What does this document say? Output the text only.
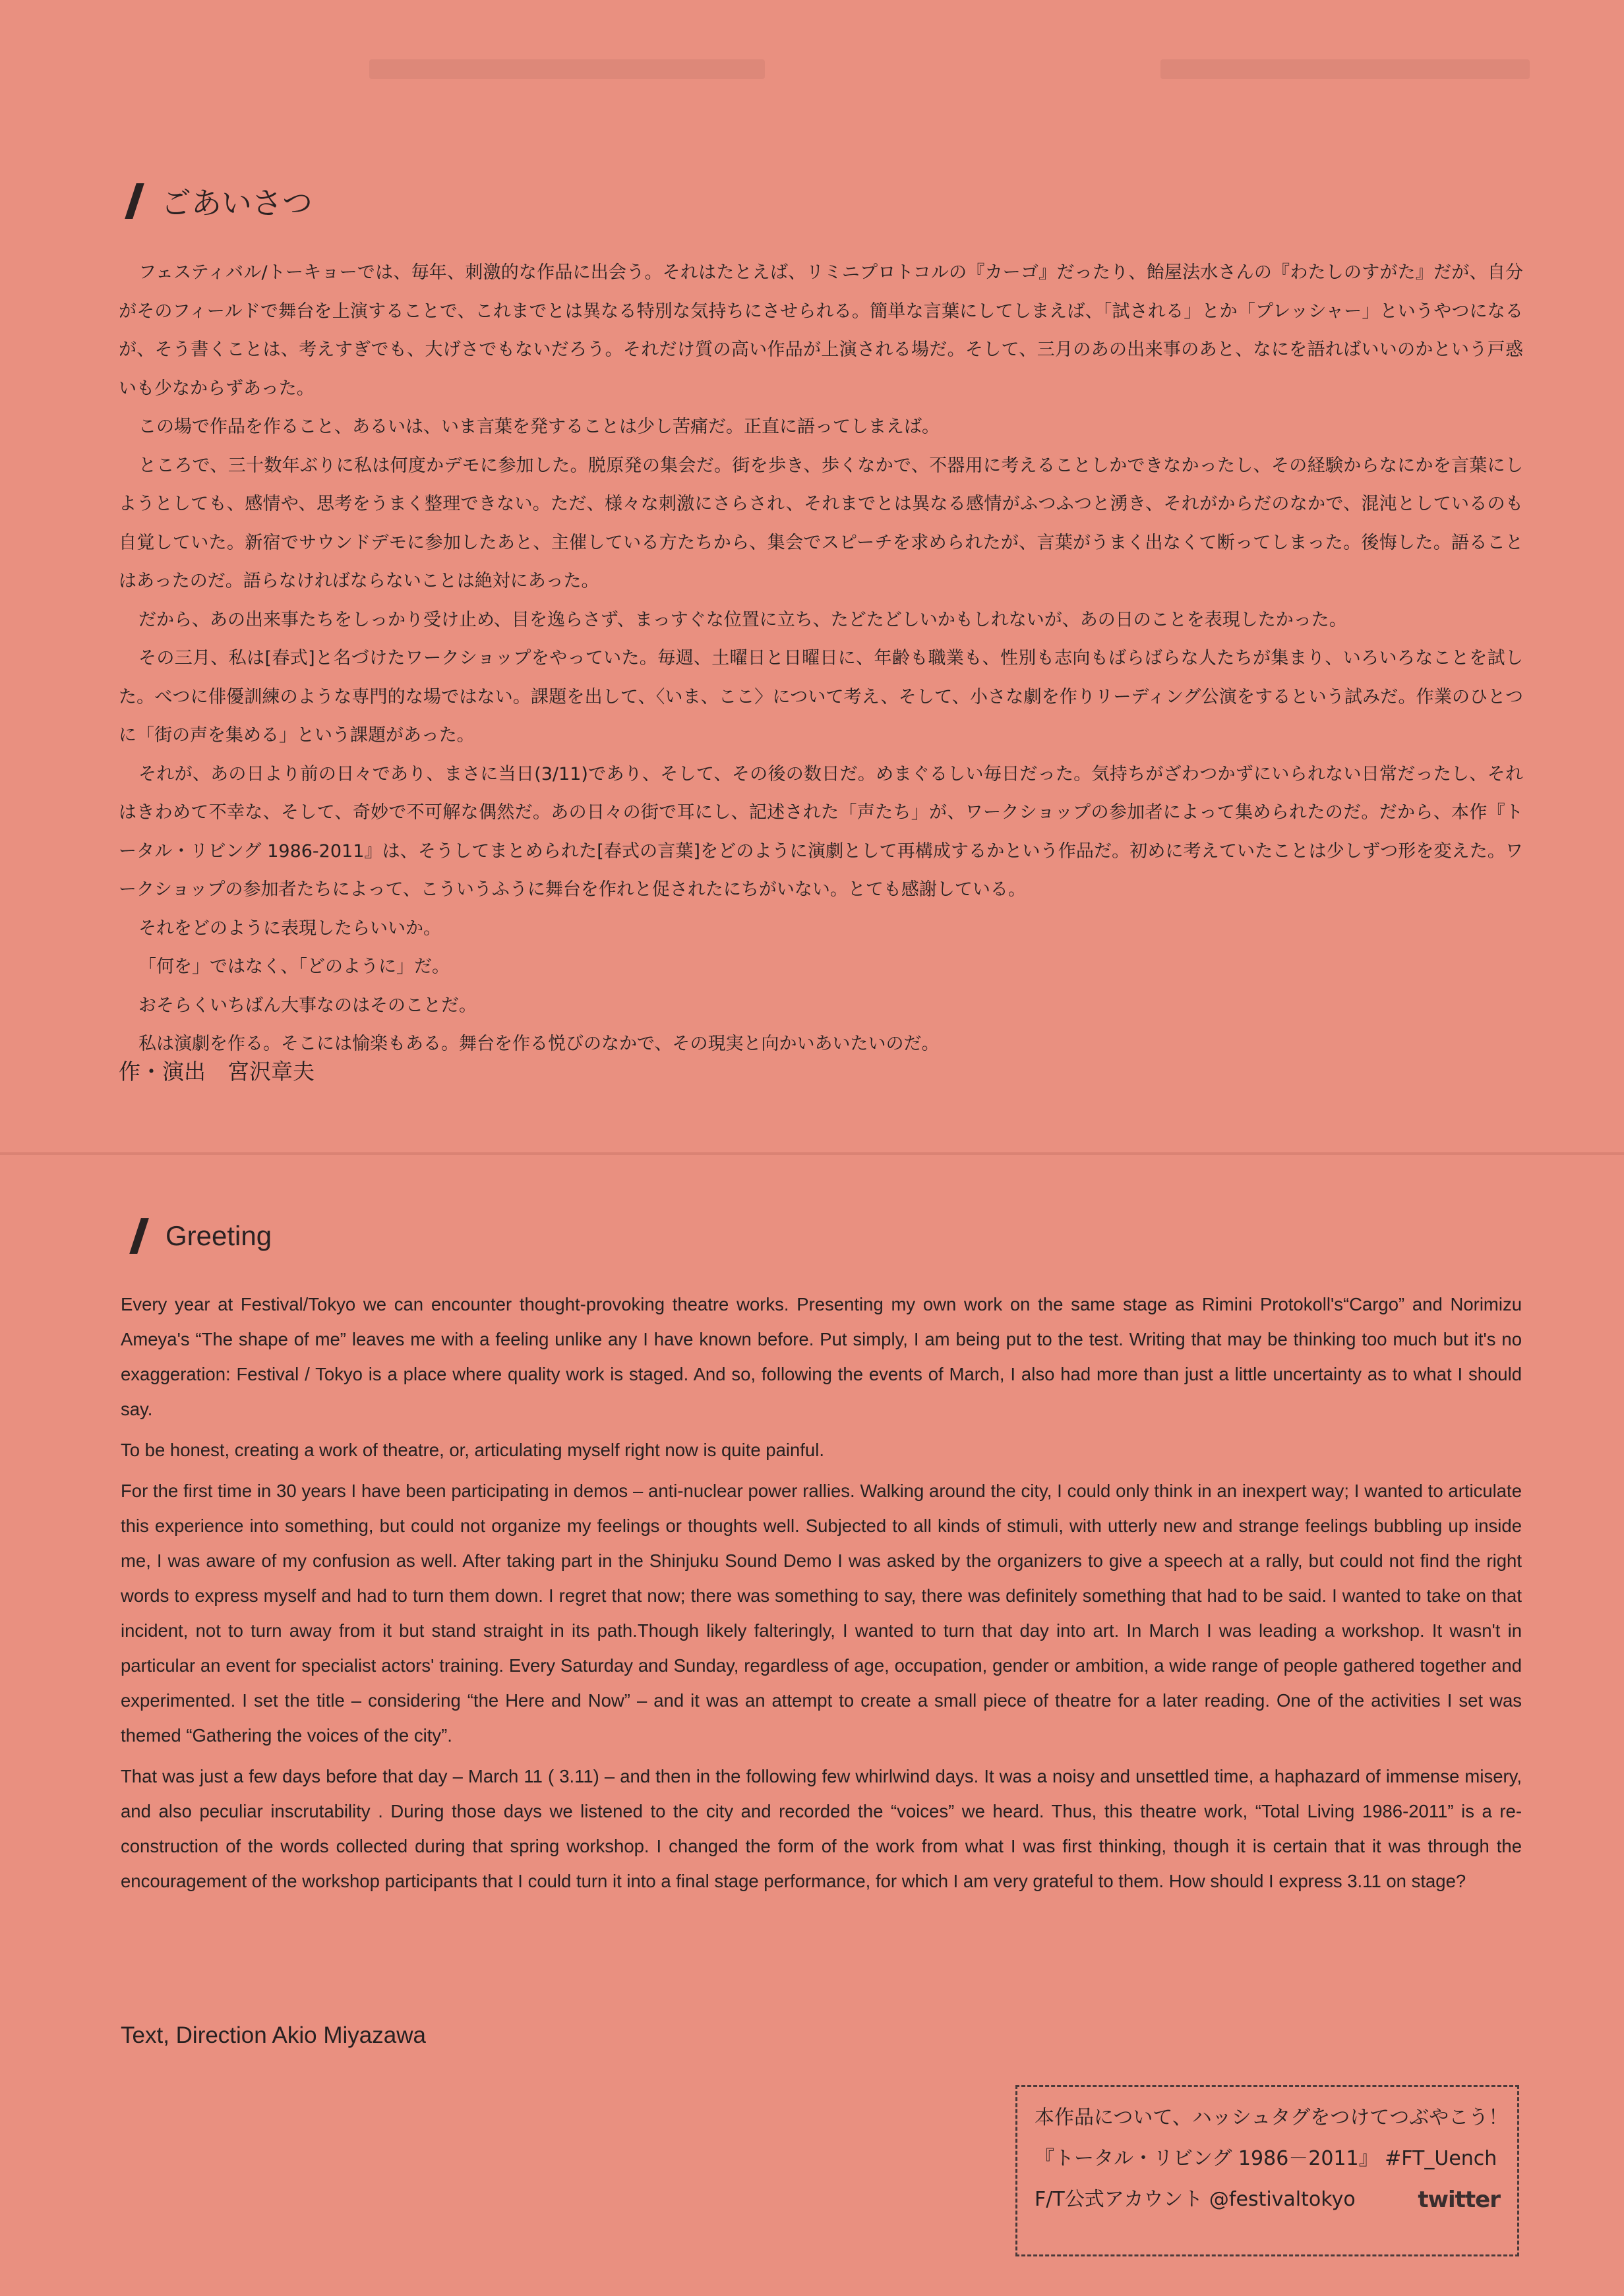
ごあいさつ

フェスティバル/トーキョーでは、毎年、刺激的な作品に出会う。それはたとえば、リミニプロトコルの『カーゴ』だったり、飴屋法水さんの『わたしのすがた』だが、自分がそのフィールドで舞台を上演することで、これまでとは異なる特別な気持ちにさせられる。簡単な言葉にしてしまえば、「試される」とか「プレッシャー」というやつになるが、そう書くことは、考えすぎでも、大げさでもないだろう。それだけ質の高い作品が上演される場だ。そして、三月のあの出来事のあと、なにを語ればいいのかという戸惑いも少なからずあった。

この場で作品を作ること、あるいは、いま言葉を発することは少し苦痛だ。正直に語ってしまえば。

ところで、三十数年ぶりに私は何度かデモに参加した。脱原発の集会だ。街を歩き、歩くなかで、不器用に考えることしかできなかったし、その経験からなにかを言葉にしようとしても、感情や、思考をうまく整理できない。ただ、様々な刺激にさらされ、それまでとは異なる感情がふつふつと湧き、それがからだのなかで、混沌としているのも自覚していた。新宿でサウンドデモに参加したあと、主催している方たちから、集会でスピーチを求められたが、言葉がうまく出なくて断ってしまった。後悔した。語ることはあったのだ。語らなければならないことは絶対にあった。

だから、あの出来事たちをしっかり受け止め、目を逸らさず、まっすぐな位置に立ち、たどたどしいかもしれないが、あの日のことを表現したかった。

その三月、私は[春式]と名づけたワークショップをやっていた。毎週、土曜日と日曜日に、年齢も職業も、性別も志向もばらばらな人たちが集まり、いろいろなことを試した。べつに俳優訓練のような専門的な場ではない。課題を出して、〈いま、ここ〉について考え、そして、小さな劇を作りリーディング公演をするという試みだ。作業のひとつに「街の声を集める」という課題があった。

それが、あの日より前の日々であり、まさに当日(3/11)であり、そして、その後の数日だ。めまぐるしい毎日だった。気持ちがざわつかずにいられない日常だったし、それはきわめて不幸な、そして、奇妙で不可解な偶然だ。あの日々の街で耳にし、記述された「声たち」が、ワークショップの参加者によって集められたのだ。だから、本作『トータル・リビング 1986-2011』は、そうしてまとめられた[春式の言葉]をどのように演劇として再構成するかという作品だ。初めに考えていたことは少しずつ形を変えた。ワークショップの参加者たちによって、こういうふうに舞台を作れと促されたにちがいない。とても感謝している。

それをどのように表現したらいいか。

「何を」ではなく、「どのように」だ。

おそらくいちばん大事なのはそのことだ。

私は演劇を作る。そこには愉楽もある。舞台を作る悦びのなかで、その現実と向かいあいたいのだ。

作・演出　宮沢章夫
Greeting

Every year at Festival/Tokyo we can encounter thought-provoking theatre works. Presenting my own work on the same stage as Rimini Protokoll's“Cargo” and Norimizu Ameya's “The shape of me” leaves me with a feeling unlike any I have known before. Put simply, I am being put to the test. Writing that may be thinking too much but it's no exaggeration: Festival / Tokyo is a place where quality work is staged. And so, following the events of March, I also had more than just a little uncertainty as to what I should say.

To be honest, creating a work of theatre, or, articulating myself right now is quite painful.

For the first time in 30 years I have been participating in demos – anti-nuclear power rallies. Walking around the city, I could only think in an inexpert way; I wanted to articulate this experience into something, but could not organize my feelings or thoughts well. Subjected to all kinds of stimuli, with utterly new and strange feelings bubbling up inside me, I was aware of my confusion as well. After taking part in the Shinjuku Sound Demo I was asked by the organizers to give a speech at a rally, but could not find the right words to express myself and had to turn them down. I regret that now; there was something to say, there was definitely something that had to be said. I wanted to take on that incident, not to turn away from it but stand straight in its path.Though likely falteringly, I wanted to turn that day into art. In March I was leading a workshop. It wasn't in particular an event for specialist actors' training. Every Saturday and Sunday, regardless of age, occupation, gender or ambition, a wide range of people gathered together and experimented. I set the title – considering “the Here and Now” – and it was an attempt to create a small piece of theatre for a later reading. One of the activities I set was themed “Gathering the voices of the city”.

That was just a few days before that day – March 11 ( 3.11) – and then in the following few whirlwind days. It was a noisy and unsettled time, a haphazard of immense misery, and also peculiar inscrutability . During those days we listened to the city and recorded the “voices” we heard. Thus, this theatre work, “Total Living 1986-2011” is a re-construction of the words collected during that spring workshop. I changed the form of the work from what I was first thinking, though it is certain that it was through the encouragement of the workshop participants that I could turn it into a final stage performance, for which I am very grateful to them. How should I express 3.11 on stage?

Text, Direction Akio Miyazawa
本作品について、ハッシュタグをつけてつぶやこう！
『トータル・リビング 1986－2011』 #FT_Uench
F/T公式アカウント @festivaltokyo	twitter
